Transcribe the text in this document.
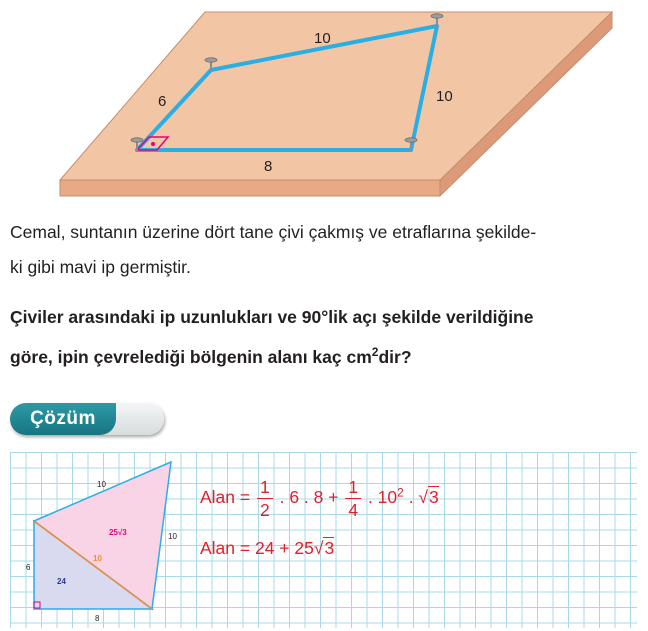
10
10
6
8
Cemal, suntanın üzerine dört tane çivi çakmış ve etraflarına şekilde-
ki gibi mavi ip germiştir.
Çiviler arasındaki ip uzunlukları ve 90°lik açı şekilde verildiğine
göre, ipin çevrelediği bölgenin alanı kaç $cm^2dir$?
Çözüm
10
10
6
8
10
25√3
24
Alan = $\frac{1}{2}$ . 6 . $8 + \frac{1}{4}$ . $10^2$ . √3
Alan = 24 + 25√3
